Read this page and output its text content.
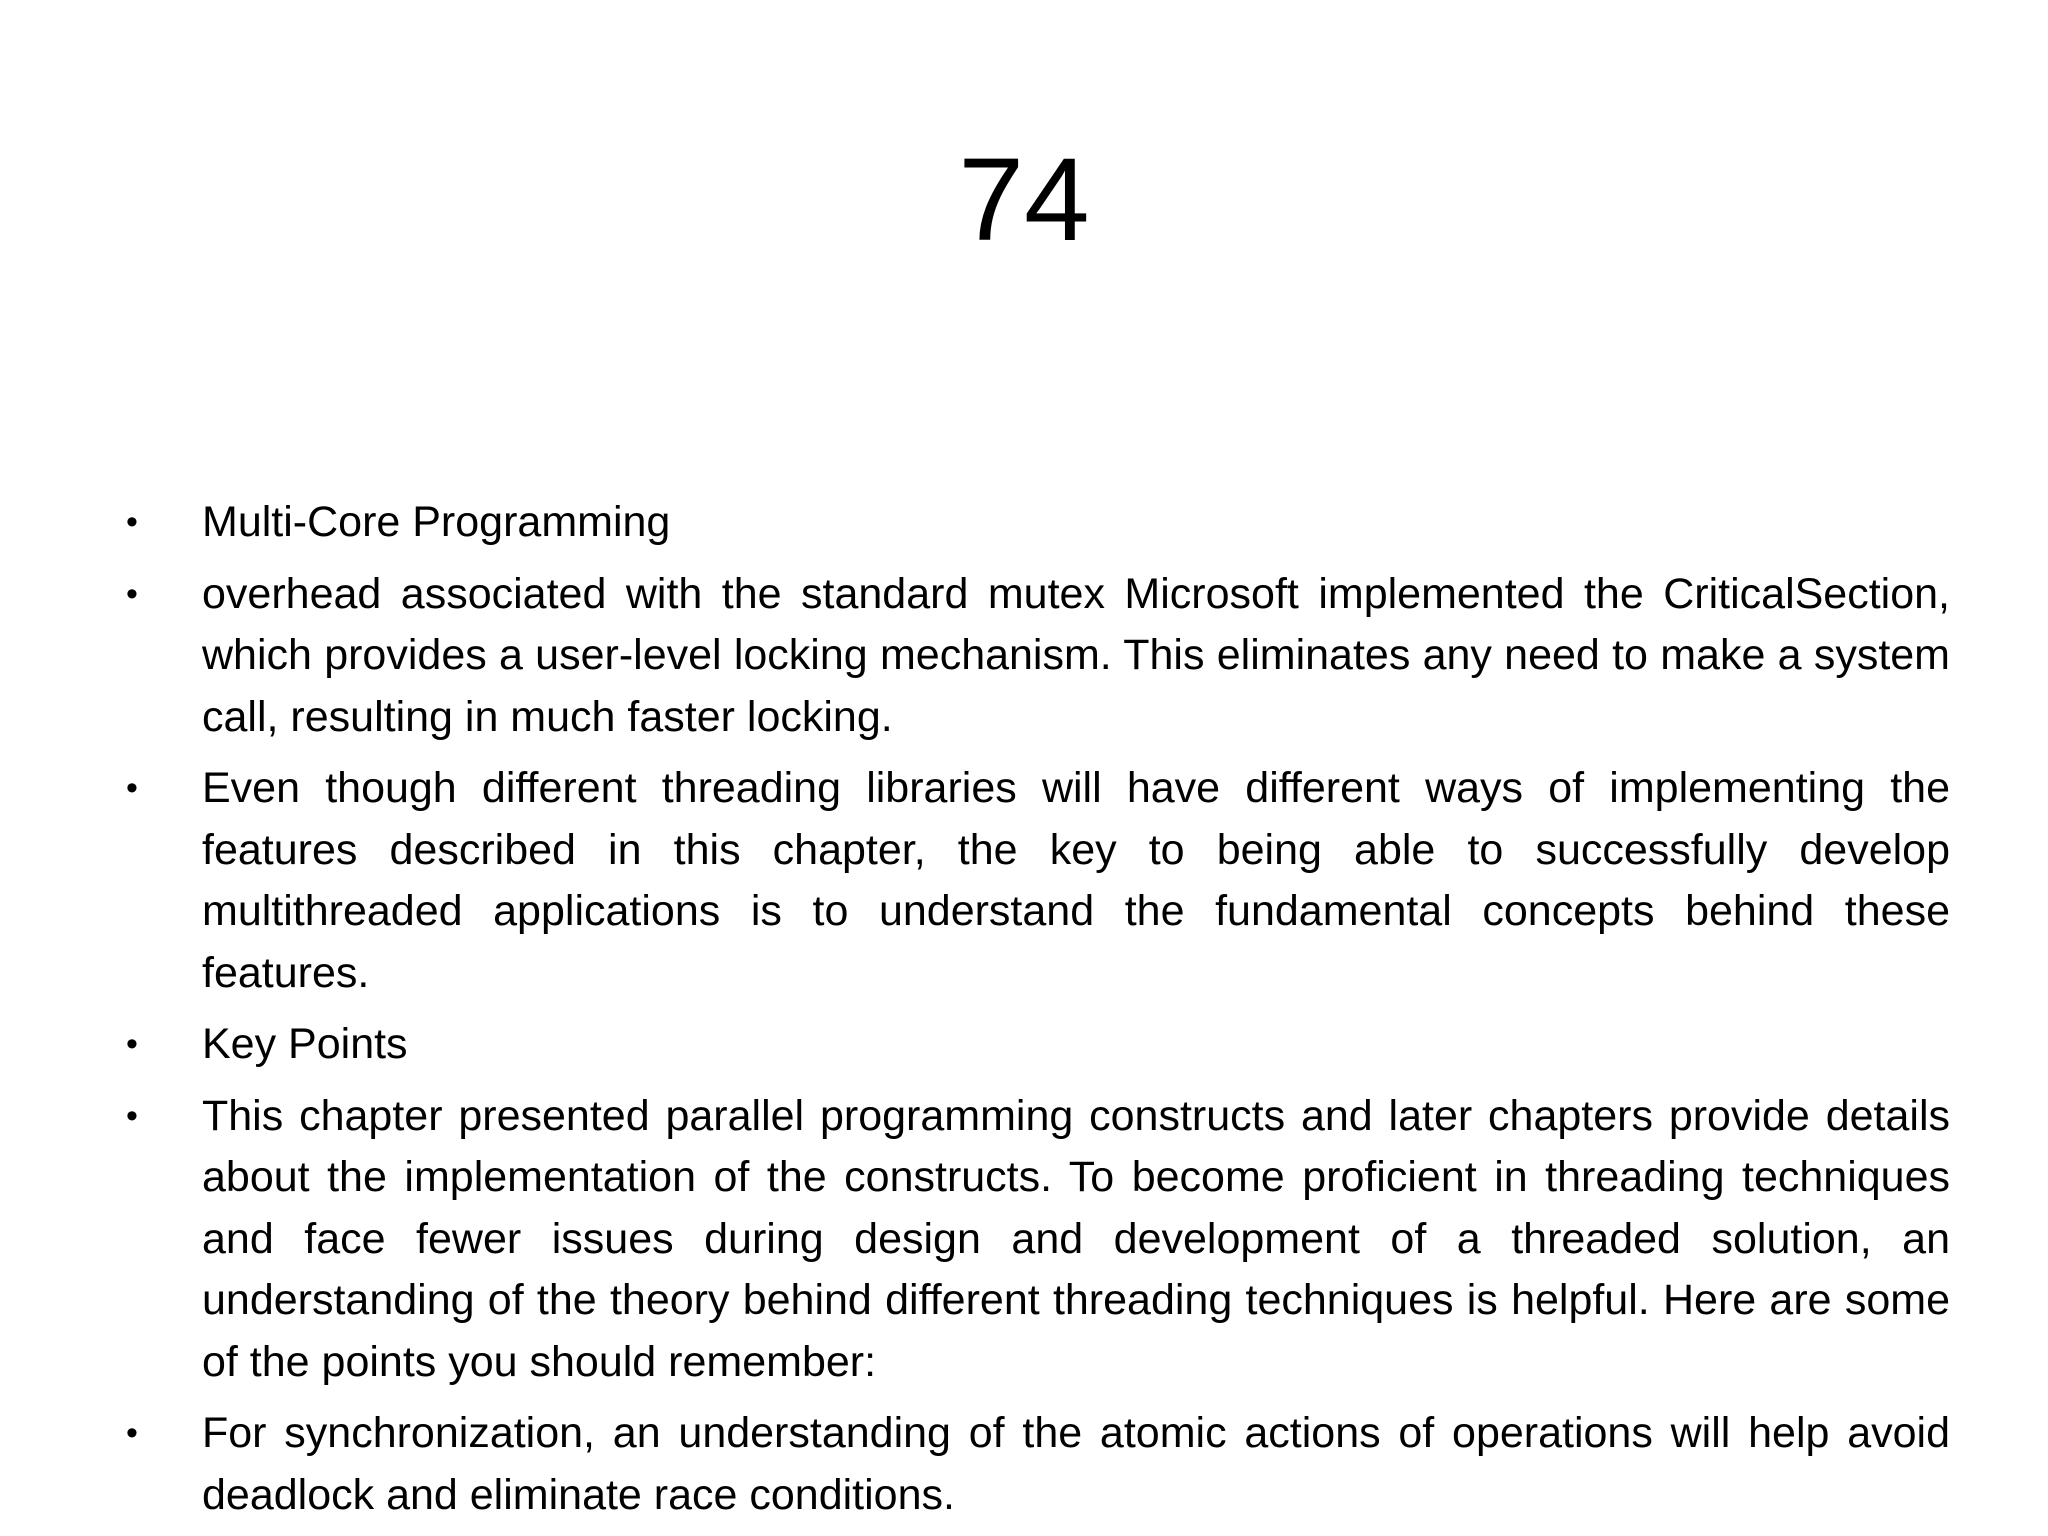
74
• Multi-Core Programming
• overhead associated with the standard mutex Microsoft implemented the CriticalSection, which provides a user-level locking mechanism. This eliminates any need to make a system call, resulting in much faster locking.
• Even though different threading libraries will have different ways of implementing the features described in this chapter, the key to being able to successfully develop multithreaded applications is to understand the fundamental concepts behind these features.
• Key Points
• This chapter presented parallel programming constructs and later chapters provide details about the implementation of the constructs. To become proficient in threading techniques and face fewer issues during design and development of a threaded solution, an understanding of the theory behind different threading techniques is helpful. Here are some of the points you should remember:
• For synchronization, an understanding of the atomic actions of operations will help avoid deadlock and eliminate race conditions.
